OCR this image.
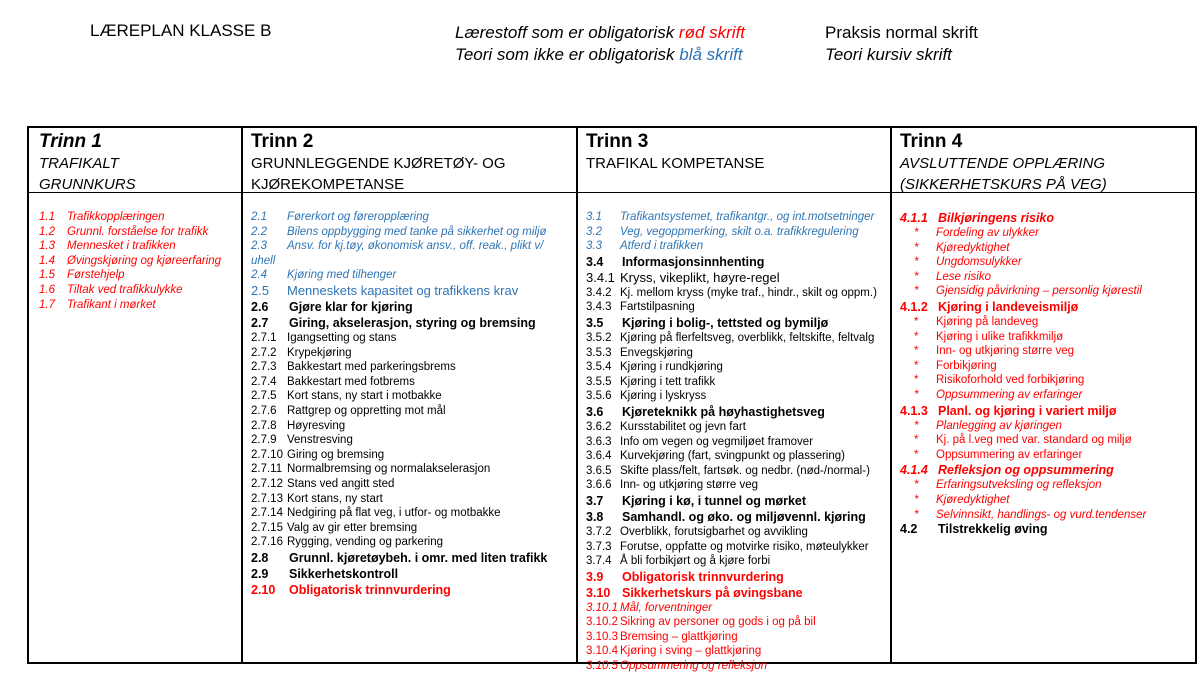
LÆREPLAN KLASSE B	Lærestoff som er obligatorisk rød skrift
Teori som ikke er obligatorisk blå skrift
Praksis normal skrift
Teori kursiv skrift
Trinn 1
TRAFIKALT
GRUNNKURS
1.1 Trafikkopplæringen
1.2 Grunnl. forståelse for trafikk
1.3 Mennesket i trafikken
1.4 Øvingskjøring og kjøreerfaring
1.5 Førstehjelp
1.6 Tiltak ved trafikkulykke
1.7 Trafikant i mørket
Trinn 2
GRUNNLEGGENDE KJØRETØY- OG
KJØREKOMPETANSE
2.1 Førerkort og føreropplæring
2.2 Bilens oppbygging med tanke på sikkerhet og miljø
2.3 Ansv. for kj.tøy, økonomisk ansv., off. reak., plikt v/
uhell
2.4 Kjøring med tilhenger
2.5 Menneskets kapasitet og trafikkens krav
2.6 Gjøre klar for kjøring
2.7 Giring, akselerasjon, styring og bremsing
2.7.1 Igangsetting og stans
2.7.2 Krypekjøring
2.7.3 Bakkestart med parkeringsbrems
2.7.4 Bakkestart med fotbrems
2.7.5 Kort stans, ny start i motbakke
2.7.6 Rattgrep og oppretting mot mål
2.7.8 Høyresving
2.7.9 Venstresving
2.7.10 Giring og bremsing
2.7.11 Normalbremsing og normalakselerasjon
2.7.12 Stans ved angitt sted
2.7.13 Kort stans, ny start
2.7.14 Nedgiring på flat veg, i utfor- og motbakke
2.7.15 Valg av gir etter bremsing
2.7.16 Rygging, vending og parkering
2.8 Grunnl. kjøretøybeh. i omr. med liten trafikk
2.9 Sikkerhetskontroll
2.10 Obligatorisk trinnvurdering
Trinn 3
TRAFIKAL KOMPETANSE
3.1 Trafikantsystemet, trafikantgr., og int.motsetninger
3.2 Veg, vegoppmerking, skilt o.a. trafikkregulering
3.3 Atferd i trafikken
3.4 Informasjonsinnhenting
3.4.1 Kryss, vikeplikt, høyre-regel
3.4.2 Kj. mellom kryss (myke traf., hindr., skilt og oppm.)
3.4.3 Fartstilpasning
3.5 Kjøring i bolig-, tettsted og bymiljø
3.5.2 Kjøring på flerfeltsveg, overblikk, feltskifte, feltvalg
3.5.3 Envegskjøring
3.5.4 Kjøring i rundkjøring
3.5.5 Kjøring i tett trafikk
3.5.6 Kjøring i lyskryss
3.6 Kjøreteknikk på høyhastighetsveg
3.6.2 Kursstabilitet og jevn fart
3.6.3 Info om vegen og vegmiljøet framover
3.6.4 Kurvekjøring (fart, svingpunkt og plassering)
3.6.5 Skifte plass/felt, fartsøk. og nedbr. (nød-/normal-)
3.6.6 Inn- og utkjøring større veg
3.7 Kjøring i kø, i tunnel og mørket
3.8 Samhandl. og øko. og miljøvennl. kjøring
3.7.2 Overblikk, forutsigbarhet og avvikling
3.7.3 Forutse, oppfatte og motvirke risiko, møteulykker
3.7.4 Å bli forbikjørt og å kjøre forbi
3.9 Obligatorisk trinnvurdering
3.10 Sikkerhetskurs på øvingsbane
3.10.1 Mål, forventninger
3.10.2 Sikring av personer og gods i og på bil
3.10.3 Bremsing – glattkjøring
3.10.4 Kjøring i sving – glattkjøring
3.10.5 Oppsummering og refleksjon
Trinn 4
AVSLUTTENDE OPPLÆRING
(SIKKERHETSKURS PÅ VEG)
4.1.1 Bilkjøringens risiko
* Fordeling av ulykker
* Kjøredyktighet
* Ungdomsulykker
* Lese risiko
* Gjensidig påvirkning – personlig kjørestil
4.1.2 Kjøring i landeveismiljø
* Kjøring på landeveg
* Kjøring i ulike trafikkmiljø
* Inn- og utkjøring større veg
* Forbikjøring
* Risikoforhold ved forbikjøring
* Oppsummering av erfaringer
4.1.3 Planl. og kjøring i variert miljø
* Planlegging av kjøringen
* Kj. på l.veg med var. standard og miljø
* Oppsummering av erfaringer
4.1.4 Refleksjon og oppsummering
* Erfaringsutveksling og refleksjon
* Kjøredyktighet
* Selvinnsikt, handlings- og vurd.tendenser
4.2 Tilstrekkelig øving
